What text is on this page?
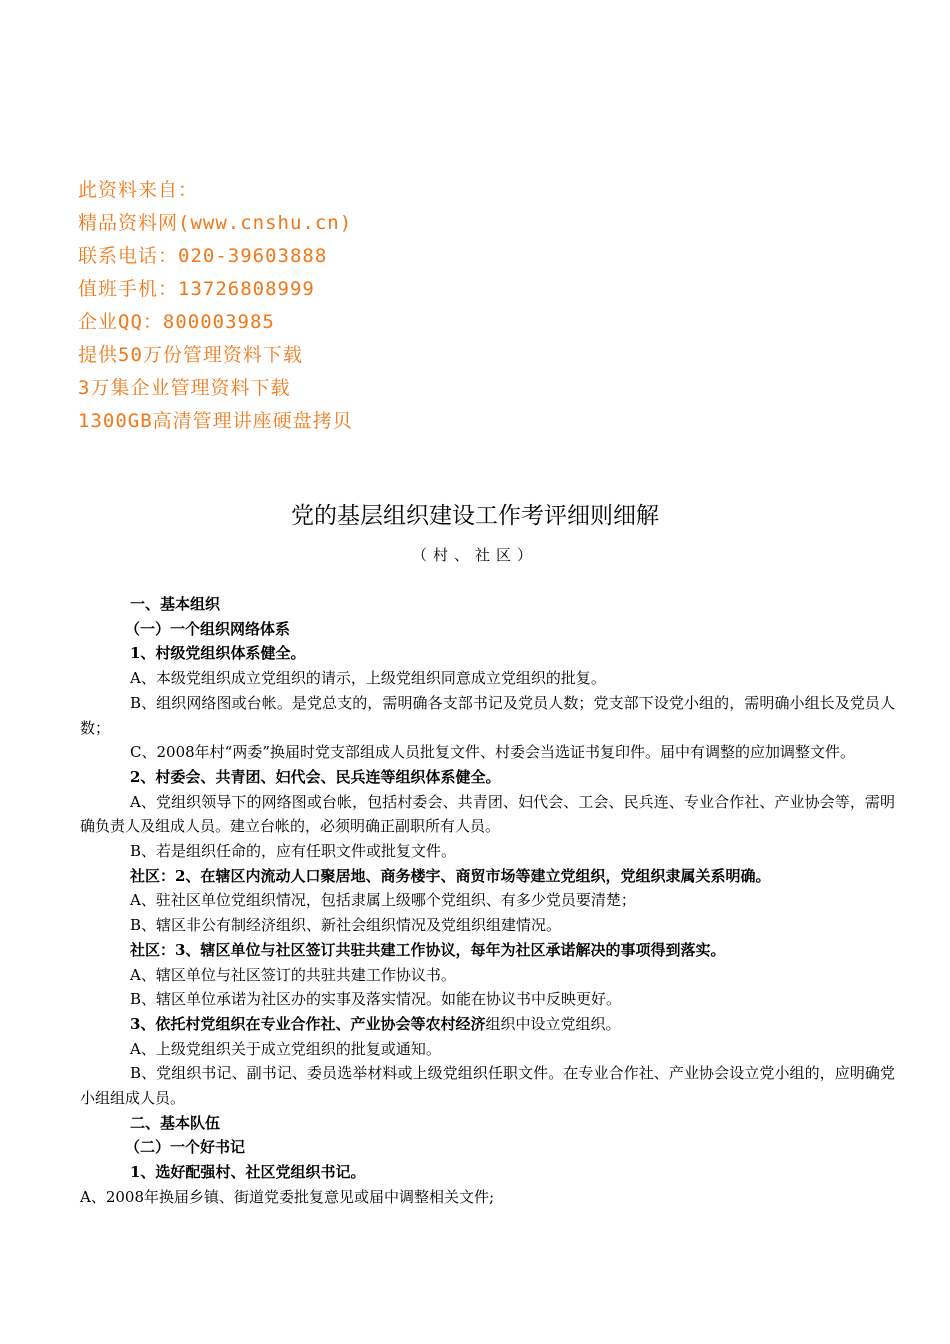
此资料来自：
精品资料网(www.cnshu.cn)
联系电话：020-39603888
值班手机：13726808999
企业QQ：800003985
提供50万份管理资料下载
3万集企业管理资料下载
1300GB高清管理讲座硬盘拷贝
党的基层组织建设工作考评细则细解
（村、社区）

一、基本组织

（一）一个组织网络体系

1、村级党组织体系健全。

A、本级党组织成立党组织的请示，上级党组织同意成立党组织的批复。

B、组织网络图或台帐。是党总支的，需明确各支部书记及党员人数；党支部下设党小组的，需明确小组长及党员人数；

C、2008年村“两委”换届时党支部组成人员批复文件、村委会当选证书复印件。届中有调整的应加调整文件。

2、村委会、共青团、妇代会、民兵连等组织体系健全。

A、党组织领导下的网络图或台帐，包括村委会、共青团、妇代会、工会、民兵连、专业合作社、产业协会等，需明确负责人及组成人员。建立台帐的，必须明确正副职所有人员。

B、若是组织任命的，应有任职文件或批复文件。

社区：2、在辖区内流动人口聚居地、商务楼宇、商贸市场等建立党组织，党组织隶属关系明确。

A、驻社区单位党组织情况，包括隶属上级哪个党组织、有多少党员要清楚；

B、辖区非公有制经济组织、新社会组织情况及党组织组建情况。

社区：3、辖区单位与社区签订共驻共建工作协议，每年为社区承诺解决的事项得到落实。

A、辖区单位与社区签订的共驻共建工作协议书。

B、辖区单位承诺为社区办的实事及落实情况。如能在协议书中反映更好。

3、依托村党组织在专业合作社、产业协会等农村经济组织中设立党组织。

A、上级党组织关于成立党组织的批复或通知。

B、党组织书记、副书记、委员选举材料或上级党组织任职文件。在专业合作社、产业协会设立党小组的，应明确党小组组成人员。

二、基本队伍

（二）一个好书记

1、选好配强村、社区党组织书记。

A、2008年换届乡镇、街道党委批复意见或届中调整相关文件;
